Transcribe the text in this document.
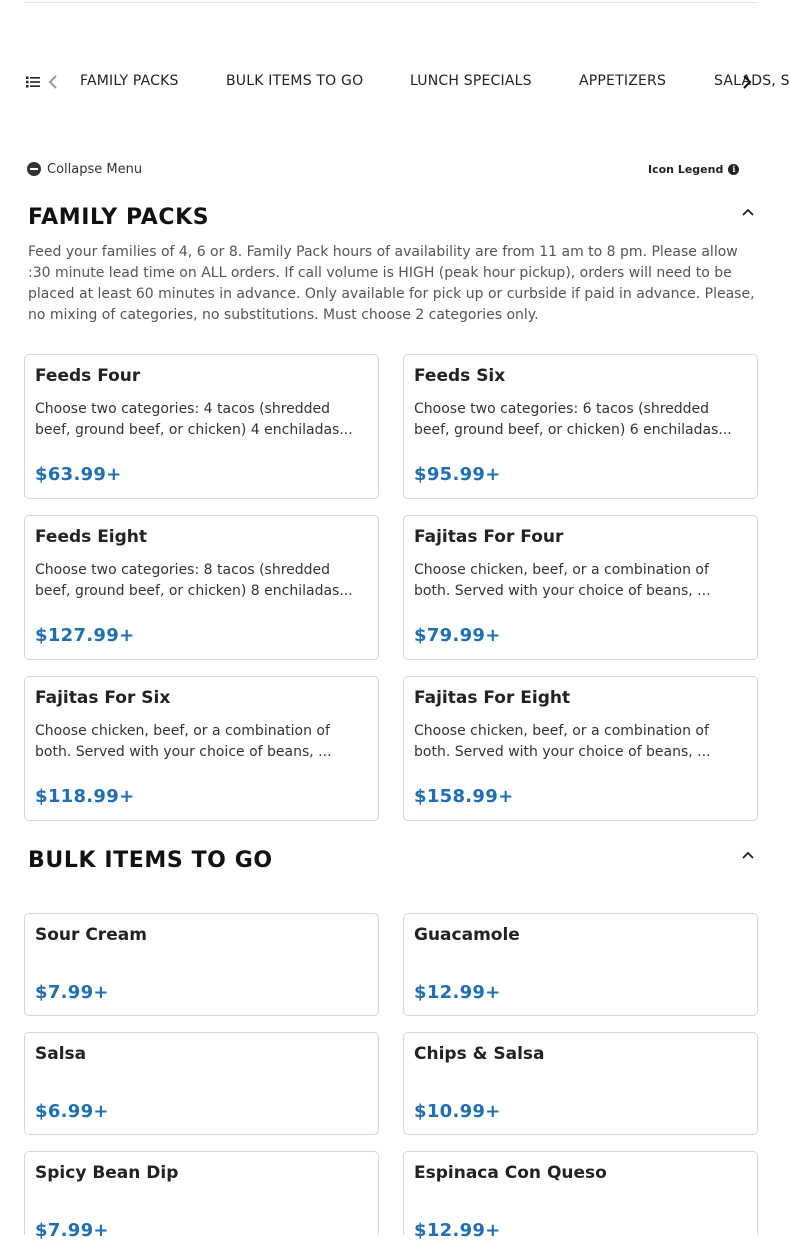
FAMILY PACKS	BULK ITEMS TO GO	LUNCH SPECIALS	APPETIZERS	SALADS, S
Collapse Menu	Icon Legend	i
FAMILY PACKS

Feed your families of 4, 6 or 8. Family Pack hours of availability are from 11 am to 8 pm. Please allow :30 minute lead time on ALL orders. If call volume is HIGH (peak hour pickup), orders will need to be placed at least 60 minutes in advance. Only available for pick up or curbside if paid in advance. Please, no mixing of categories, no substitutions. Must choose 2 categories only.

Feeds Four
Choose two categories: 4 tacos (shredded beef, ground beef, or chicken) 4 enchiladas...
$63.99+
Feeds Six
Choose two categories: 6 tacos (shredded beef, ground beef, or chicken) 6 enchiladas...
$95.99+
Feeds Eight
Choose two categories: 8 tacos (shredded beef, ground beef, or chicken) 8 enchiladas...
$127.99+
Fajitas For Four
Choose chicken, beef, or a combination of both. Served with your choice of beans, ...
$79.99+
Fajitas For Six
Choose chicken, beef, or a combination of both. Served with your choice of beans, ...
$118.99+
Fajitas For Eight
Choose chicken, beef, or a combination of both. Served with your choice of beans, ...
$158.99+
BULK ITEMS TO GO
Sour Cream
$7.99+
Guacamole
$12.99+
Salsa
$6.99+
Chips & Salsa
$10.99+
Spicy Bean Dip
$7.99+
Espinaca Con Queso
$12.99+
